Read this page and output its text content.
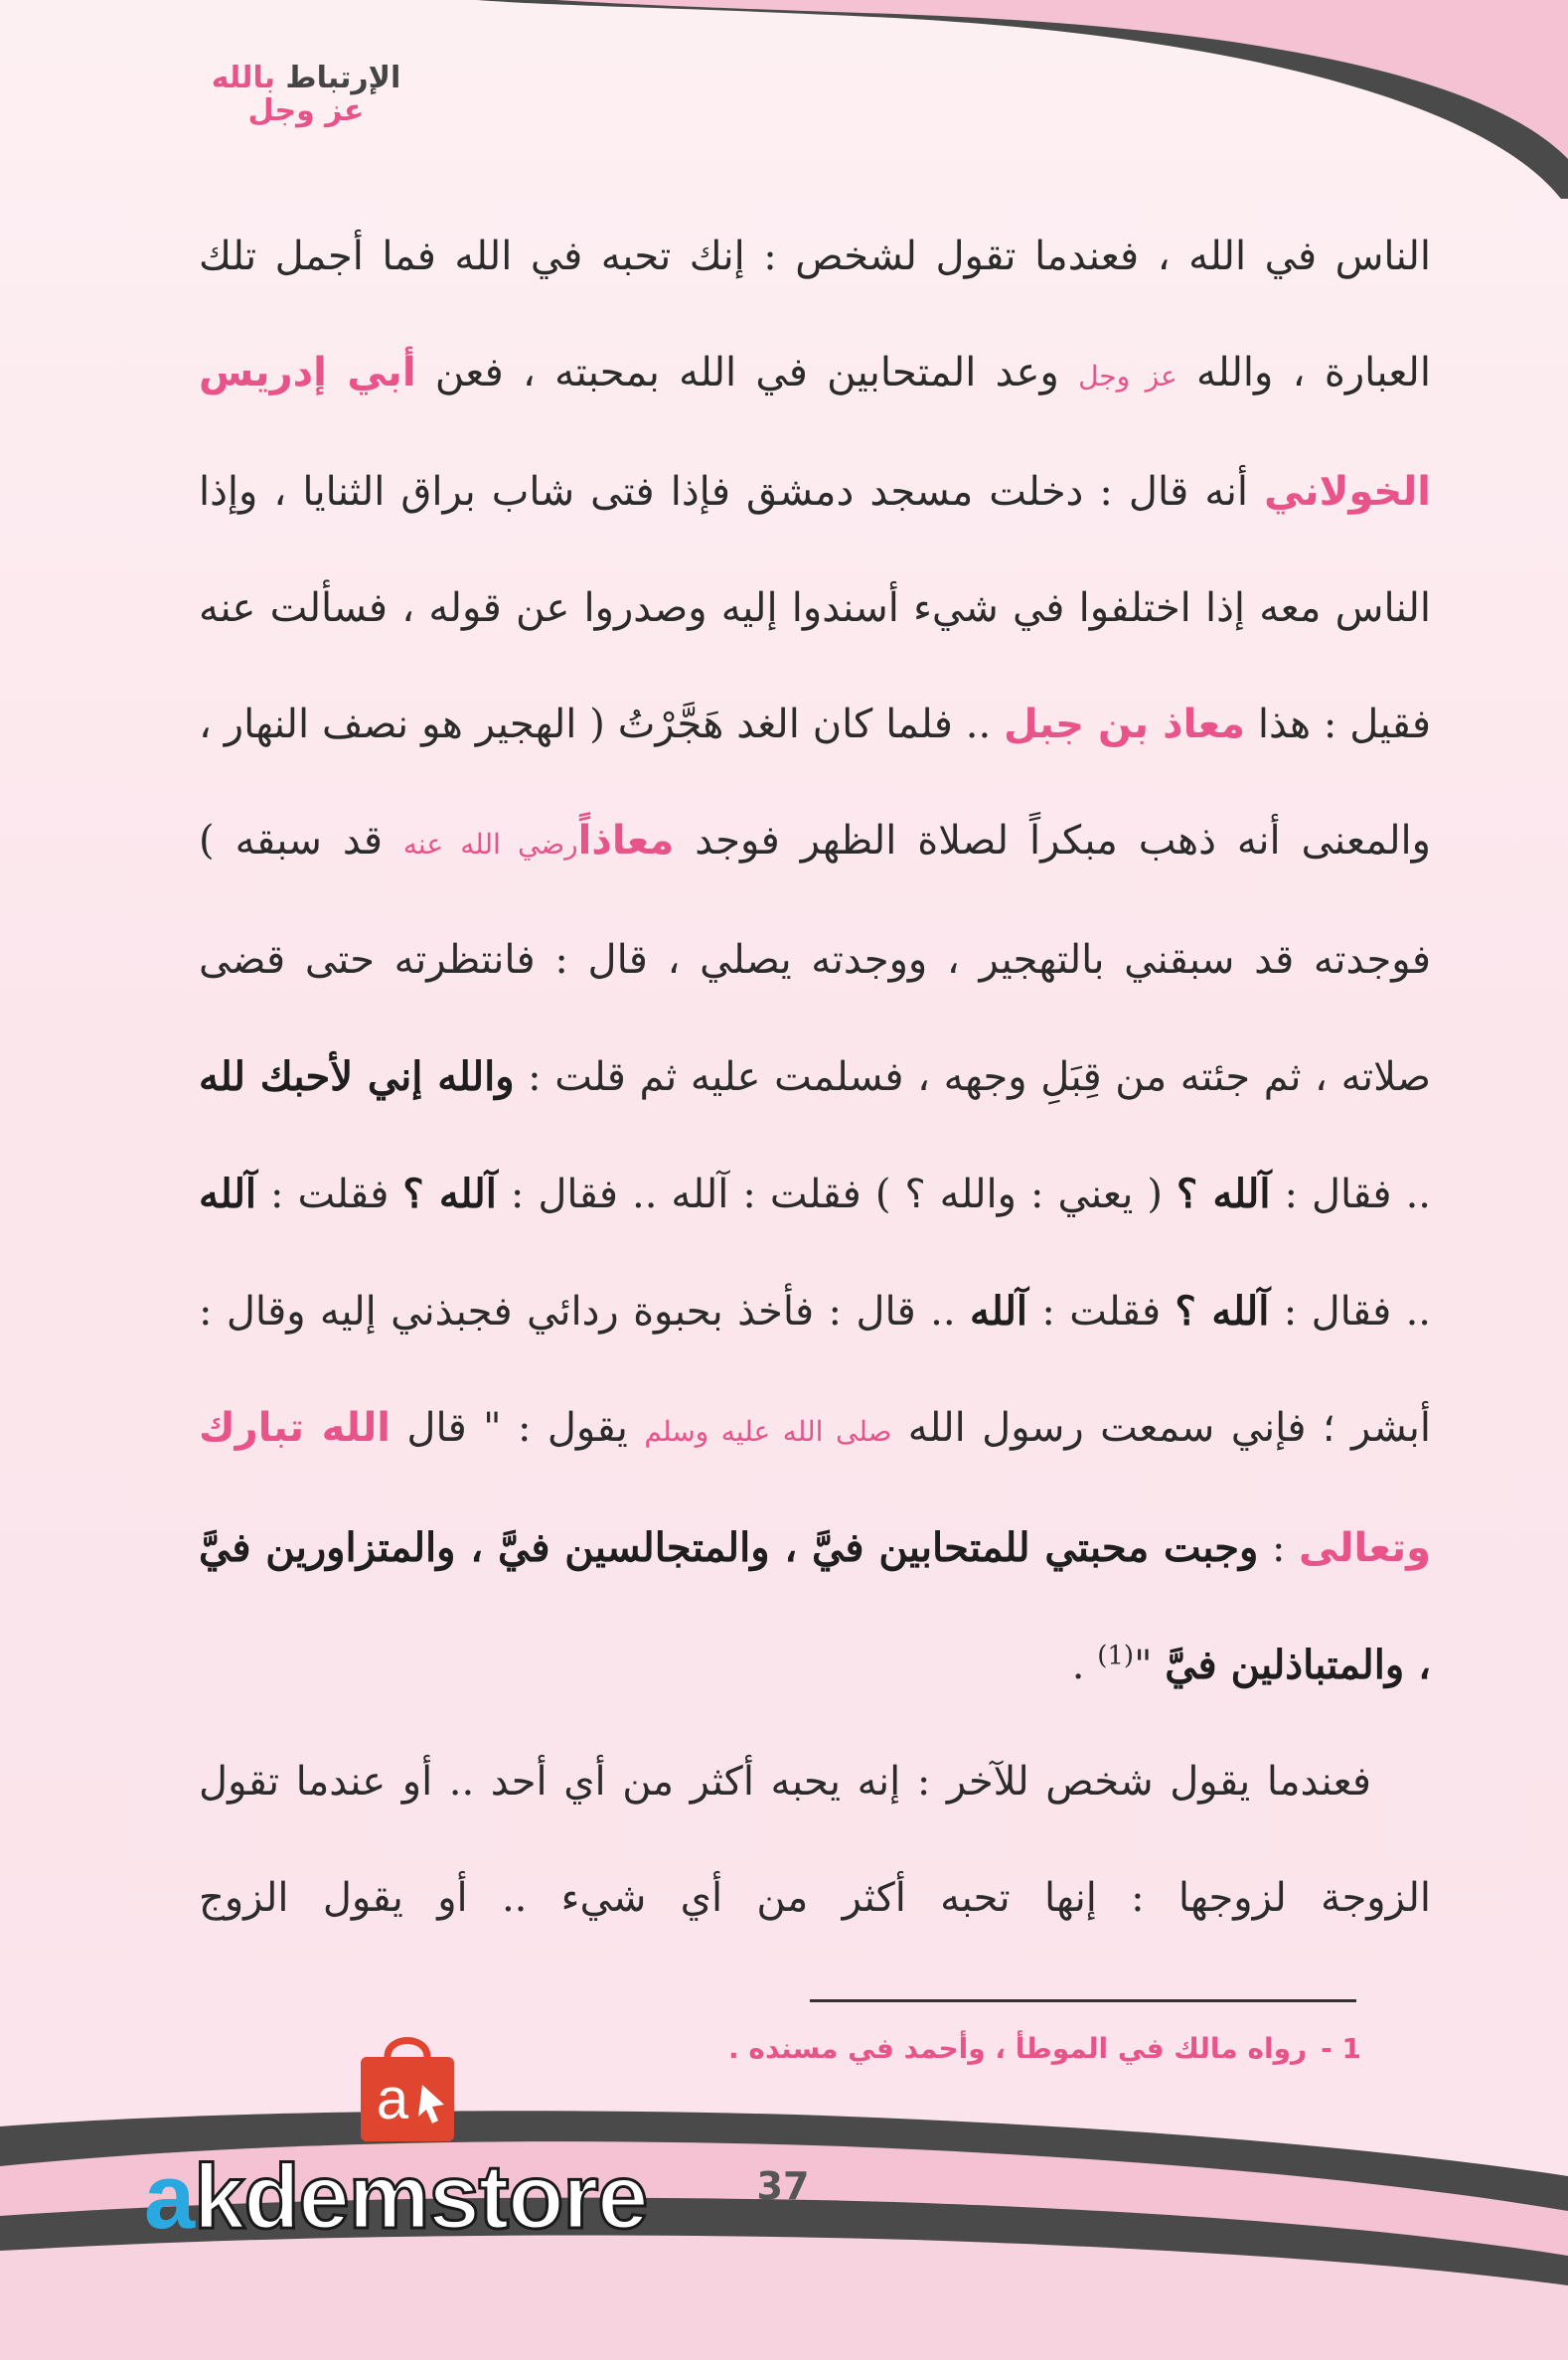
الإرتباط بالله
عز وجل

الناس في الله ، فعندما تقول لشخص : إنك تحبه في الله فما أجمل تلك العبارة ، والله عز وجل وعد المتحابين في الله بمحبته ، فعن أبي إدريس الخولاني أنه قال : دخلت مسجد دمشق فإذا فتى شاب براق الثنايا ، وإذا الناس معه إذا اختلفوا في شيء أسندوا إليه وصدروا عن قوله ، فسألت عنه فقيل : هذا معاذ بن جبل .. فلما كان الغد هَجَّرْتُ ( الهجير هو نصف النهار ، والمعنى أنه ذهب مبكراً لصلاة الظهر فوجد معاذاًرضي الله عنه قد سبقه ) فوجدته قد سبقني بالتهجير ، ووجدته يصلي ، قال : فانتظرته حتى قضى صلاته ، ثم جئته من قِبَلِ وجهه ، فسلمت عليه ثم قلت : والله إني لأحبك لله .. فقال : آلله ؟ ( يعني : والله ؟ ) فقلت : آلله .. فقال : آلله ؟ فقلت : آلله .. فقال : آلله ؟ فقلت : آلله .. قال : فأخذ بحبوة ردائي فجبذني إليه وقال : أبشر ؛ فإني سمعت رسول الله صلى الله عليه وسلم يقول : " قال الله تبارك وتعالى : وجبت محبتي للمتحابين فيَّ ، والمتجالسين فيَّ ، والمتزاورين فيَّ ، والمتباذلين فيَّ "$^{(1)}$ .

فعندما يقول شخص للآخر : إنه يحبه أكثر من أي أحد .. أو عندما تقول الزوجة لزوجها : إنها تحبه أكثر من أي شيء .. أو يقول الزوج

1 -رواه مالك في الموطأ ، وأحمد في مسنده .
37
a
akdemstore
